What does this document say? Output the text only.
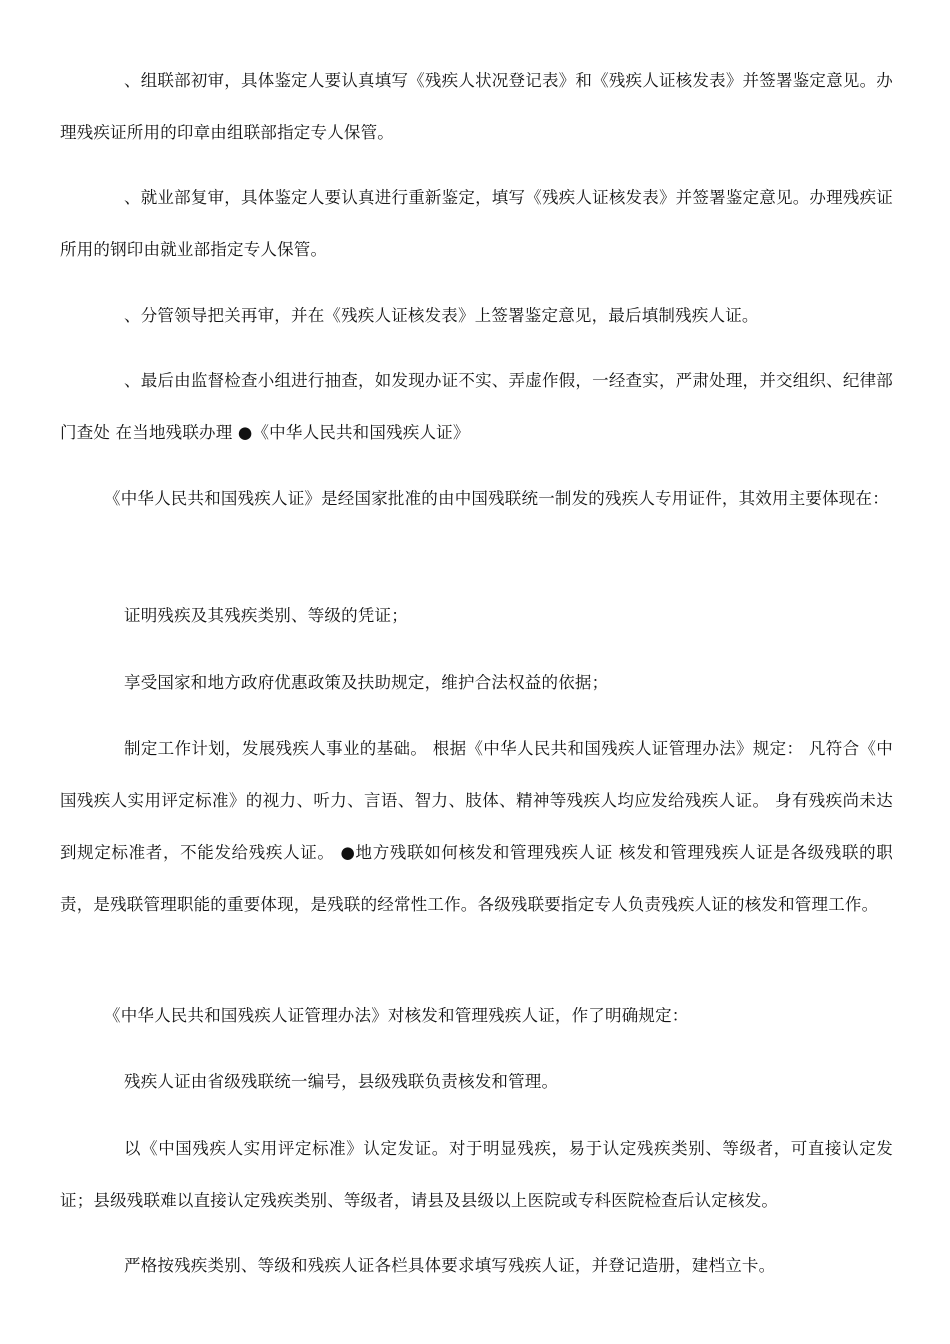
、组联部初审，具体鉴定人要认真填写《残疾人状况登记表》和《残疾人证核发表》并签署鉴定意见。办理残疾证所用的印章由组联部指定专人保管。

、就业部复审，具体鉴定人要认真进行重新鉴定，填写《残疾人证核发表》并签署鉴定意见。办理残疾证所用的钢印由就业部指定专人保管。

、分管领导把关再审，并在《残疾人证核发表》上签署鉴定意见，最后填制残疾人证。

、最后由监督检查小组进行抽查，如发现办证不实、弄虚作假，一经查实，严肃处理，并交组织、纪律部门查处 在当地残联办理 ●《中华人民共和国残疾人证》

《中华人民共和国残疾人证》是经国家批准的由中国残联统一制发的残疾人专用证件，其效用主要体现在：

证明残疾及其残疾类别、等级的凭证；

享受国家和地方政府优惠政策及扶助规定，维护合法权益的依据；

制定工作计划，发展残疾人事业的基础。 根据《中华人民共和国残疾人证管理办法》规定： 凡符合《中国残疾人实用评定标准》的视力、听力、言语、智力、肢体、精神等残疾人均应发给残疾人证。 身有残疾尚未达到规定标准者，不能发给残疾人证。 ●地方残联如何核发和管理残疾人证 核发和管理残疾人证是各级残联的职责，是残联管理职能的重要体现，是残联的经常性工作。各级残联要指定专人负责残疾人证的核发和管理工作。

《中华人民共和国残疾人证管理办法》对核发和管理残疾人证，作了明确规定：

残疾人证由省级残联统一编号，县级残联负责核发和管理。

以《中国残疾人实用评定标准》认定发证。对于明显残疾，易于认定残疾类别、等级者，可直接认定发证；县级残联难以直接认定残疾类别、等级者，请县及县级以上医院或专科医院检查后认定核发。

严格按残疾类别、等级和残疾人证各栏具体要求填写残疾人证，并登记造册，建档立卡。
